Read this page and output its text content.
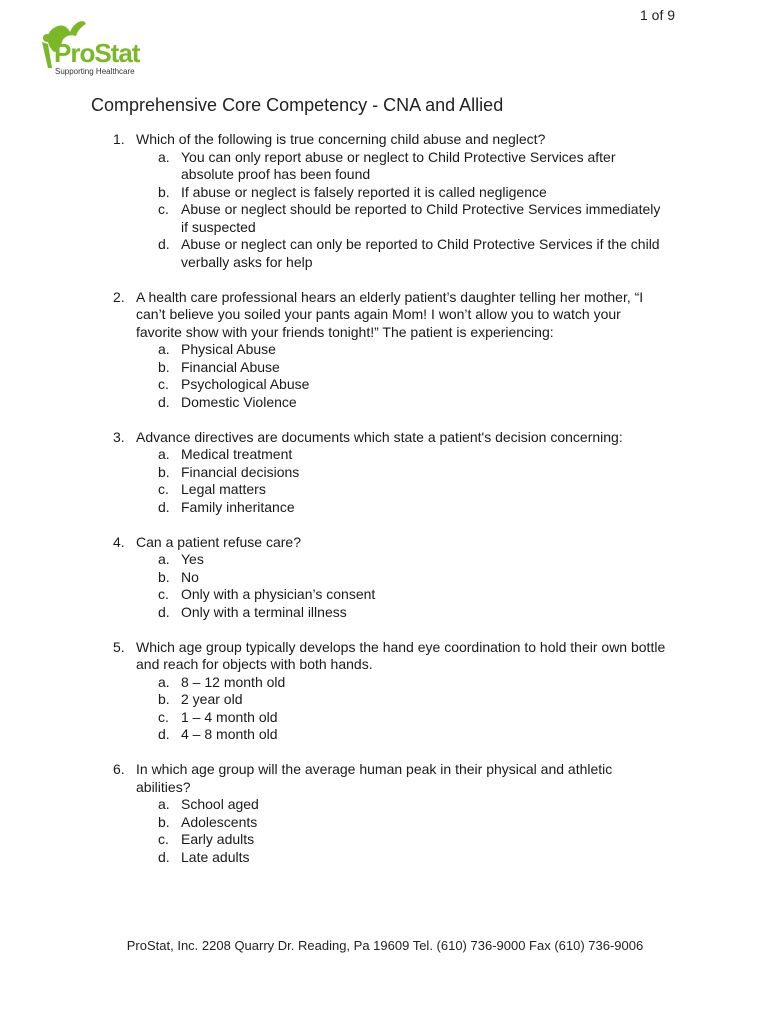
1 of 9
ProStat
Supporting Healthcare
Comprehensive Core Competency - CNA and Allied
1. Which of the following is true concerning child abuse and neglect?
a. You can only report abuse or neglect to Child Protective Services after absolute proof has been found
b. If abuse or neglect is falsely reported it is called negligence
c. Abuse or neglect should be reported to Child Protective Services immediately if suspected
d. Abuse or neglect can only be reported to Child Protective Services if the child verbally asks for help
2. A health care professional hears an elderly patient’s daughter telling her mother, “I can’t believe you soiled your pants again Mom! I won’t allow you to watch your favorite show with your friends tonight!” The patient is experiencing:
a. Physical Abuse
b. Financial Abuse
c. Psychological Abuse
d. Domestic Violence
3. Advance directives are documents which state a patient's decision concerning:
a. Medical treatment
b. Financial decisions
c. Legal matters
d. Family inheritance
4. Can a patient refuse care?
a. Yes
b. No
c. Only with a physician’s consent
d. Only with a terminal illness
5. Which age group typically develops the hand eye coordination to hold their own bottle and reach for objects with both hands.
a. 8 – 12 month old
b. 2 year old
c. 1 – 4 month old
d. 4 – 8 month old
6. In which age group will the average human peak in their physical and athletic abilities?
a. School aged
b. Adolescents
c. Early adults
d. Late adults
ProStat, Inc. 2208 Quarry Dr. Reading, Pa 19609 Tel. (610) 736-9000 Fax (610) 736-9006
